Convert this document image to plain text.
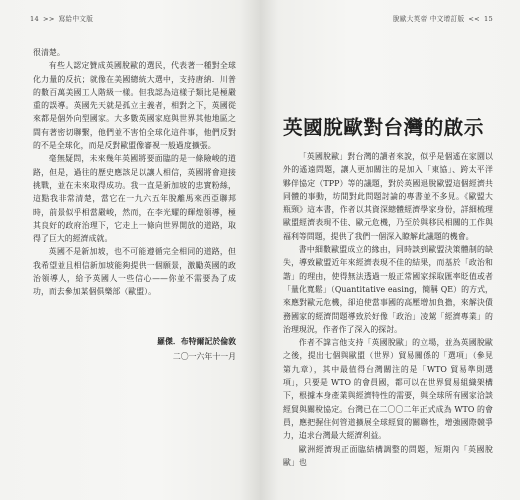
14 >> 寫給中文版

很清楚。

有些人認定贊成英國脫歐的選民，代表著一種對全球化力量的反抗；就像在美國總統大選中，支持唐納．川普的數百萬美國工人階級一樣。但我認為這樣子類比是極嚴重的誤導。英國先天就是孤立主義者，相對之下，英國從來都是個外向型國家。大多數英國家庭與世界其他地區之間有著密切聯繫，他們並不害怕全球化這件事，他們反對的不是全球化，而是反對歐盟像審視一般過度擴張。

毫無疑問，未來幾年英國將要面臨的是一條險峻的道路，但是，過往的歷史應該足以讓人相信，英國將會迎接挑戰，並在未來取得成功。我一直是新加坡的忠實粉絲，這點我非常清楚，當它在一九六五年脫離馬來西亞聯邦時，前景似乎相當嚴峻，然而，在李光耀的輝煌領導，極其良好的政府治理下，它走上一條向世界開放的道路，取得了巨大的經濟成就。

英國不是新加坡，也不可能遵循完全相同的道路，但我希望並且相信新加坡能夠提供一個願景，激勵英國的政治領導人，給予英國人一些信心——你並不需要為了成功，而去參加某個俱樂部（歐盟）。

羅傑．布特爾記於倫敦
二〇一六年十一月
脫歐大英帝 中文增訂版 << 15
英國脫歐對台灣的啟示

「英國脫歐」對台灣的讀者來說，似乎是個遙在家園以外的遙遠問題，讓人更加關注的是加入「東協」、跨太平洋夥伴協定（TPP）等的議題，對於英國退脫歐盟這個經濟共同體的事動，坊間對此問題討論的專書並不多見。《歐盟大瓶頸》這本書，作者以其資深總體經濟學家身份，詳細梳理歐盟經濟表現不佳、歐元危機，乃至於與移民相關的工作與福利等問題，提供了我們一個深入瞭解此議題的機會。

書中細數歐盟成立的緣由，同時談到歐盟決策體制的缺失，導致歐盟近年來經濟表現不佳的結果，而基於「政治和諧」的理由，使得無法透過一般正常國家採取匯率貶值或者「量化寬鬆」（Quantitative easing，簡稱 QE）的方式，來應對歐元危機，卻迫使當事國的高壓增加負擔，來解決債務國家的經濟問題導致於好像「政治」凌駕「經濟專業」的治理現況，作者作了深入的探討。

作者不諱言他支持「英國脫歐」的立場，並為英國脫歐之後，提出七個與歐盟（世界）貿易關係的「選項」（參見第九章），其中最值得台灣關注的是「WTO 貿易準則選項」，只要是 WTO 的會員國，都可以在世界貿易組織架構下，根據本身產業與經濟特性的需要，與全球所有國家洽談經貿與關稅協定。台灣已在二〇〇二年正式成為 WTO 的會員，應把握住何管道擴展全球經貿的關聯性，增強國際競爭力，追求台灣最大經濟利益。

歐洲經濟現正面臨結構調整的問題，短期內「英國脫歐」也
